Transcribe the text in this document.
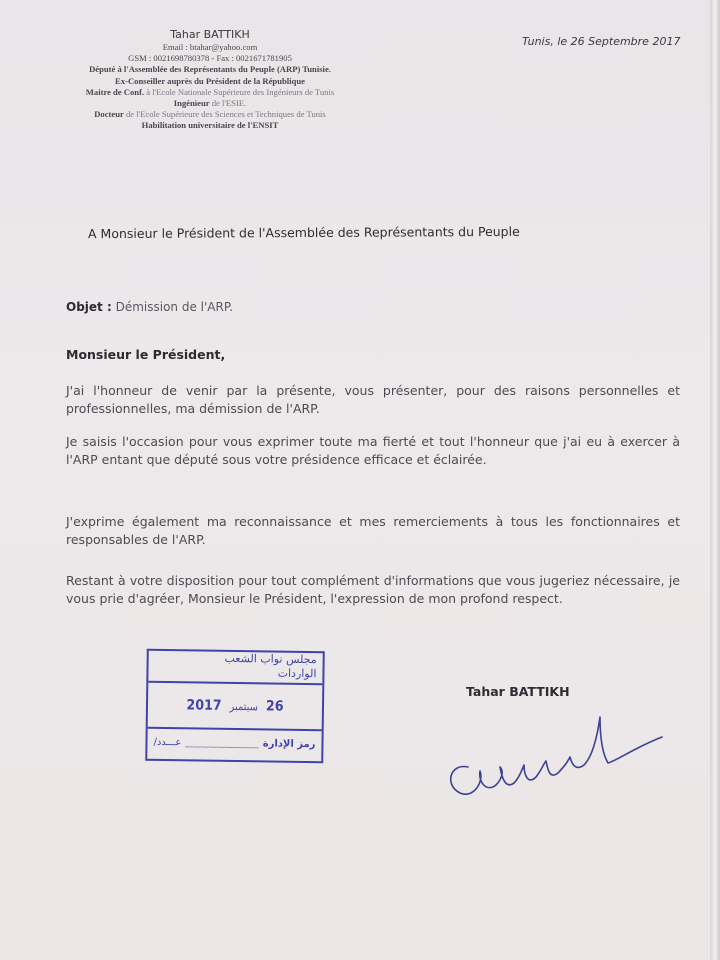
Tahar BATTIKH
Email : btahar@yahoo.com
GSM : 0021698780378 - Fax : 0021671781905
Député à l'Assemblée des Représentants du Peuple (ARP) Tunisie.
Ex-Conseiller auprès du Président de la République
Maitre de Conf. à l'Ecole Nationale Supérieure des Ingénieurs de Tunis
Ingénieur de l'ESIE.
Docteur de l'Ecole Supérieure des Sciences et Techniques de Tunis
Habilitation universitaire de l'ENSIT
Tunis, le 26 Septembre 2017
A Monsieur le Président de l'Assemblée des Représentants du Peuple
Objet : Démission de l'ARP.
Monsieur le Président,
J'ai l'honneur de venir par la présente, vous présenter, pour des raisons personnelles et professionnelles, ma démission de l'ARP.
Je saisis l'occasion pour vous exprimer toute ma fierté et tout l'honneur que j'ai eu à exercer à l'ARP entant que député sous votre présidence efficace et éclairée.
J'exprime également ma reconnaissance et mes remerciements à tous les fonctionnaires et responsables de l'ARP.
Restant à votre disposition pour tout complément d'informations que vous jugeriez nécessaire, je vous prie d'agréer, Monsieur le Président, l'expression de mon profond respect.
مجلس نواب الشعب
الواردات
2017 سبتمبر 26
/عـــدد	رمز الإدارة
Tahar BATTIKH
